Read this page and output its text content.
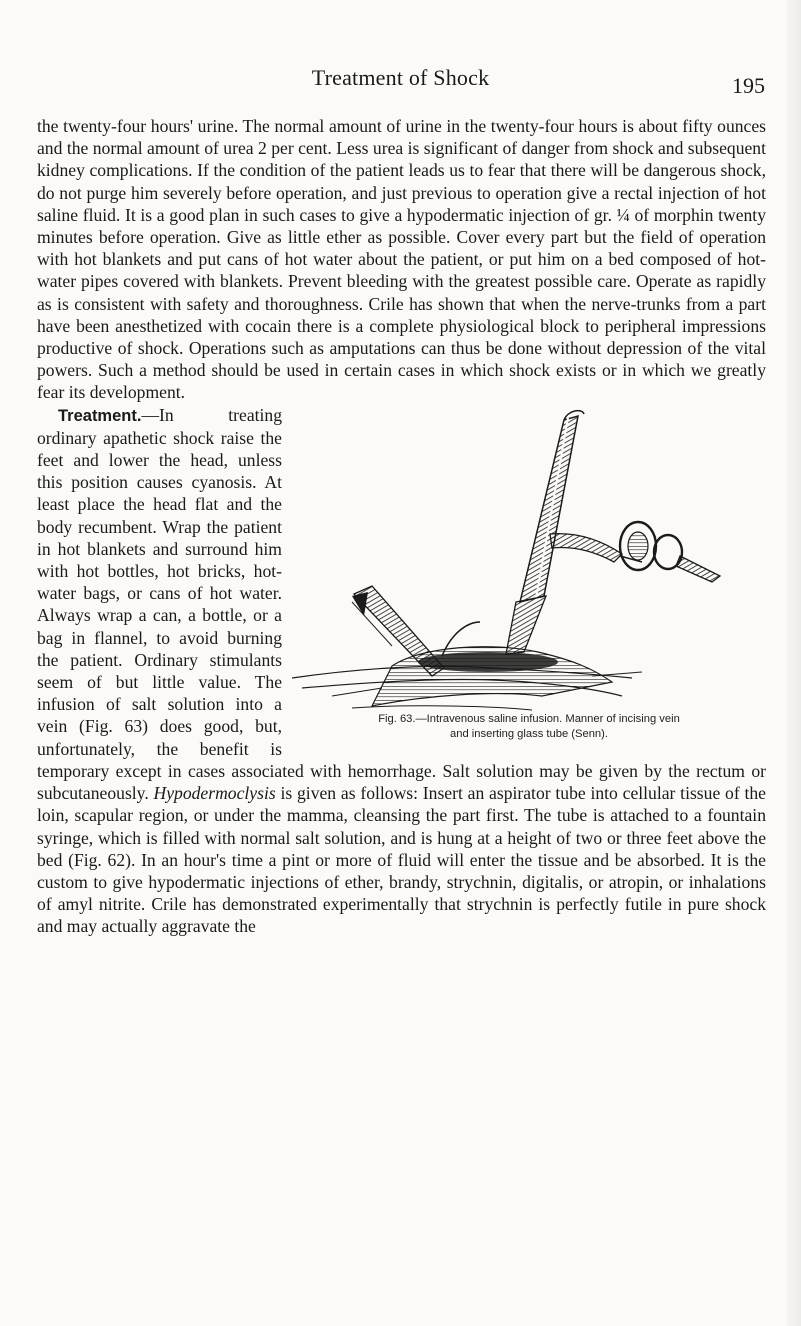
Treatment of Shock	195

the twenty-four hours' urine. The normal amount of urine in the twenty-four hours is about fifty ounces and the normal amount of urea 2 per cent. Less urea is significant of danger from shock and subsequent kidney complications. If the condition of the patient leads us to fear that there will be dangerous shock, do not purge him severely before operation, and just previous to operation give a rectal injection of hot saline fluid. It is a good plan in such cases to give a hypodermatic injection of gr. ¼ of morphin twenty minutes before operation. Give as little ether as possible. Cover every part but the field of operation with hot blankets and put cans of hot water about the patient, or put him on a bed composed of hot-water pipes covered with blankets. Prevent bleeding with the greatest possible care. Operate as rapidly as is consistent with safety and thoroughness. Crile has shown that when the nerve-trunks from a part have been anesthetized with cocain there is a complete physiological block to peripheral impressions productive of shock. Operations such as amputations can thus be done without depression of the vital powers. Such a method should be used in certain cases in which shock exists or in which we greatly fear its development.

Fig. 63.—Intravenous saline infusion. Manner of incising vein
and inserting glass tube (Senn).

Treatment.—In treating ordinary apathetic shock raise the feet and lower the head, unless this position causes cyanosis. At least place the head flat and the body recumbent. Wrap the patient in hot blankets and surround him with hot bottles, hot bricks, hot-water bags, or cans of hot water. Always wrap a can, a bottle, or a bag in flannel, to avoid burning the patient. Ordinary stimulants seem of but little value. The infusion of salt solution into a vein (Fig. 63) does good, but, unfortunately, the benefit is temporary except in cases associated with hemorrhage. Salt solution may be given by the rectum or subcutaneously. Hypodermoclysis is given as follows: Insert an aspirator tube into cellular tissue of the loin, scapular region, or under the mamma, cleansing the part first. The tube is attached to a fountain syringe, which is filled with normal salt solution, and is hung at a height of two or three feet above the bed (Fig. 62). In an hour's time a pint or more of fluid will enter the tissue and be absorbed. It is the custom to give hypodermatic injections of ether, brandy, strychnin, digitalis, or atropin, or inhalations of amyl nitrite. Crile has demonstrated experimentally that strychnin is perfectly futile in pure shock and may actually aggravate the
